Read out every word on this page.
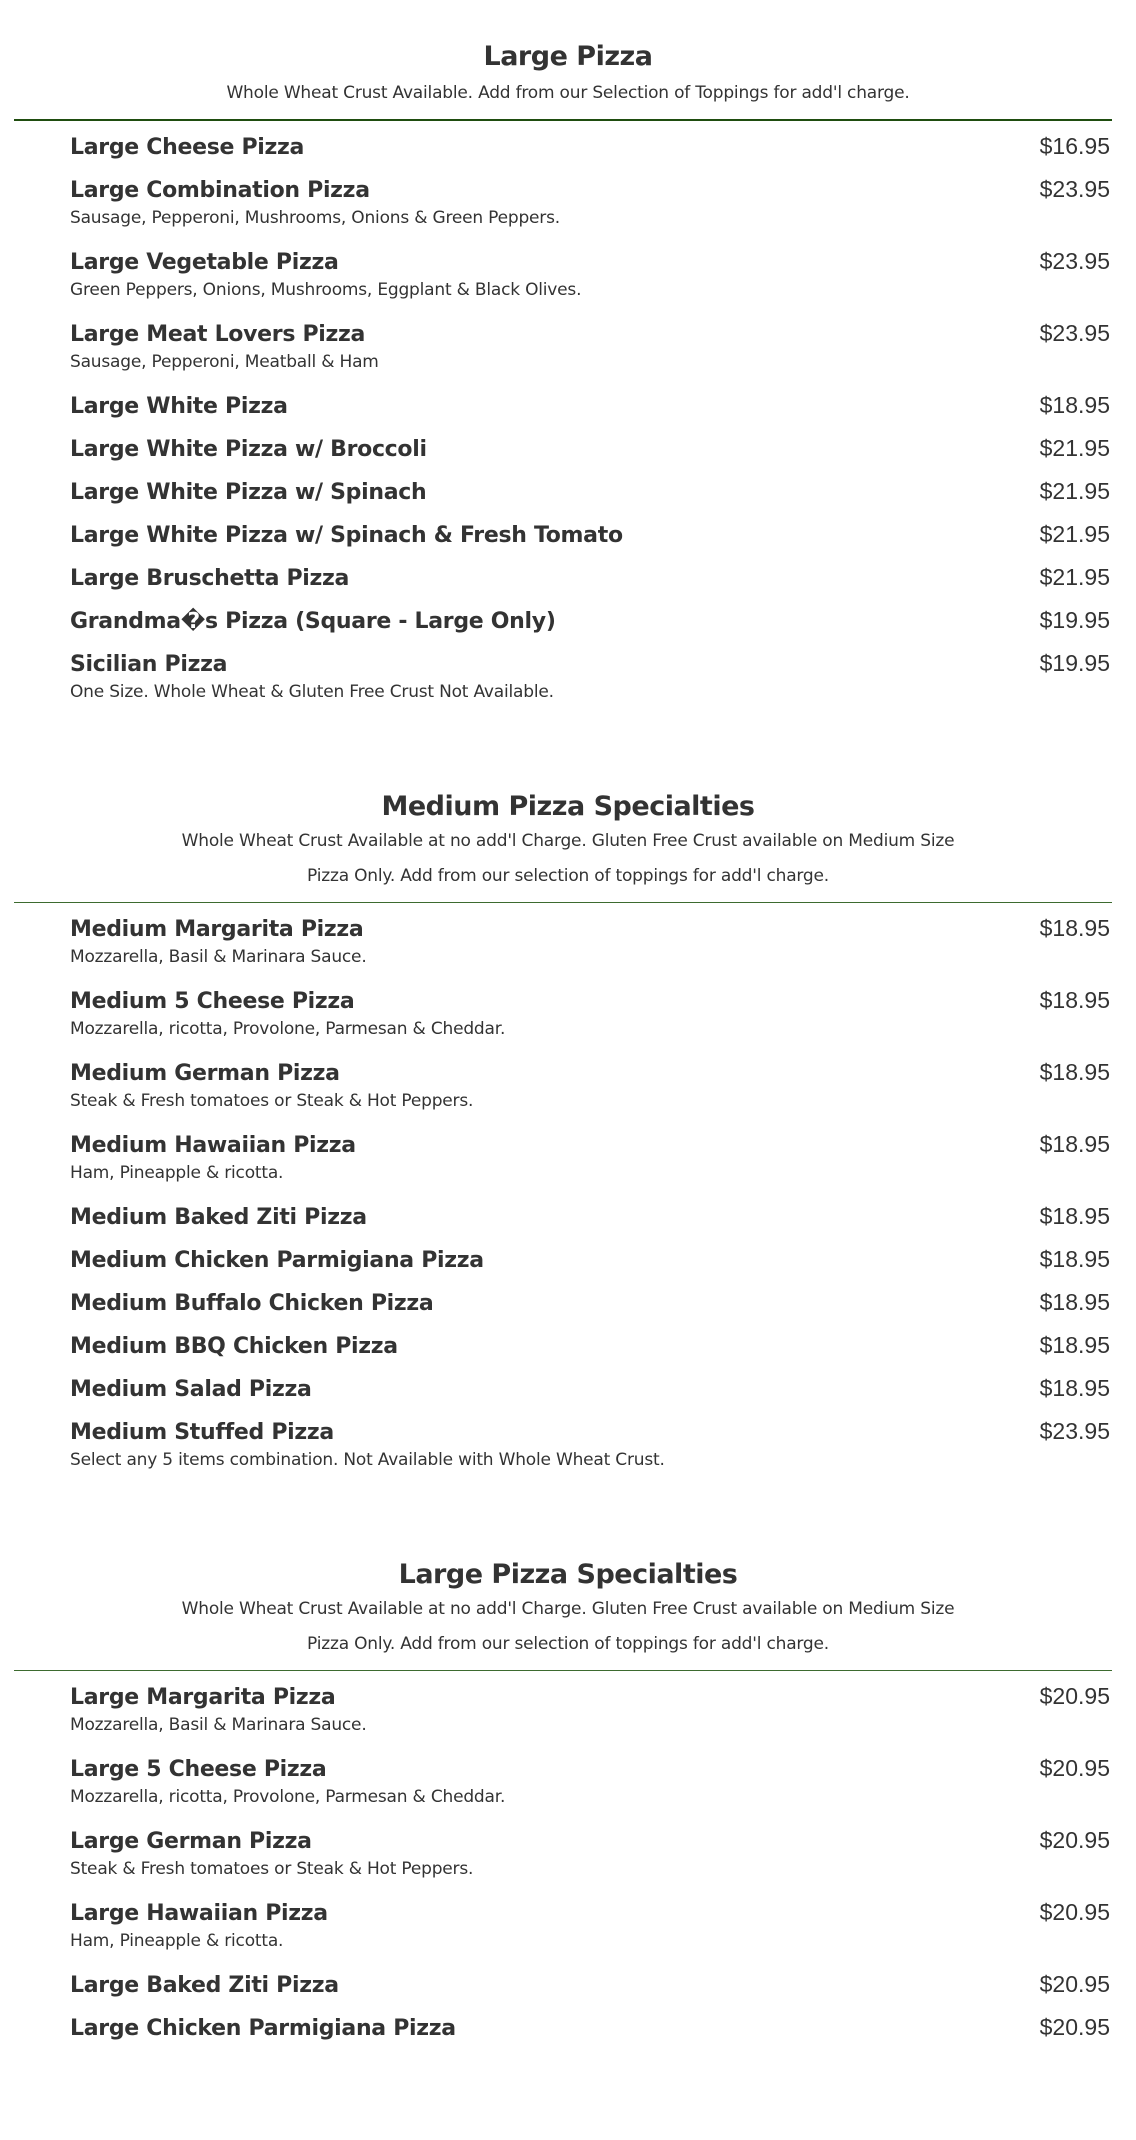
Large Pizza

Whole Wheat Crust Available. Add from our Selection of Toppings for add'l charge.

Large Cheese Pizza	$16.95
Large Combination Pizza	$23.95
Sausage, Pepperoni, Mushrooms, Onions & Green Peppers.
Large Vegetable Pizza	$23.95
Green Peppers, Onions, Mushrooms, Eggplant & Black Olives.
Large Meat Lovers Pizza	$23.95
Sausage, Pepperoni, Meatball & Ham
Large White Pizza	$18.95
Large White Pizza w/ Broccoli	$21.95
Large White Pizza w/ Spinach	$21.95
Large White Pizza w/ Spinach & Fresh Tomato	$21.95
Large Bruschetta Pizza	$21.95
Grandma�s Pizza (Square - Large Only)	$19.95
Sicilian Pizza	$19.95
One Size. Whole Wheat & Gluten Free Crust Not Available.
Medium Pizza Specialties

Whole Wheat Crust Available at no add'l Charge. Gluten Free Crust available on Medium Size

Pizza Only. Add from our selection of toppings for add'l charge.

Medium Margarita Pizza	$18.95
Mozzarella, Basil & Marinara Sauce.
Medium 5 Cheese Pizza	$18.95
Mozzarella, ricotta, Provolone, Parmesan & Cheddar.
Medium German Pizza	$18.95
Steak & Fresh tomatoes or Steak & Hot Peppers.
Medium Hawaiian Pizza	$18.95
Ham, Pineapple & ricotta.
Medium Baked Ziti Pizza	$18.95
Medium Chicken Parmigiana Pizza	$18.95
Medium Buffalo Chicken Pizza	$18.95
Medium BBQ Chicken Pizza	$18.95
Medium Salad Pizza	$18.95
Medium Stuffed Pizza	$23.95
Select any 5 items combination. Not Available with Whole Wheat Crust.
Large Pizza Specialties

Whole Wheat Crust Available at no add'l Charge. Gluten Free Crust available on Medium Size

Pizza Only. Add from our selection of toppings for add'l charge.

Large Margarita Pizza	$20.95
Mozzarella, Basil & Marinara Sauce.
Large 5 Cheese Pizza	$20.95
Mozzarella, ricotta, Provolone, Parmesan & Cheddar.
Large German Pizza	$20.95
Steak & Fresh tomatoes or Steak & Hot Peppers.
Large Hawaiian Pizza	$20.95
Ham, Pineapple & ricotta.
Large Baked Ziti Pizza	$20.95
Large Chicken Parmigiana Pizza	$20.95
